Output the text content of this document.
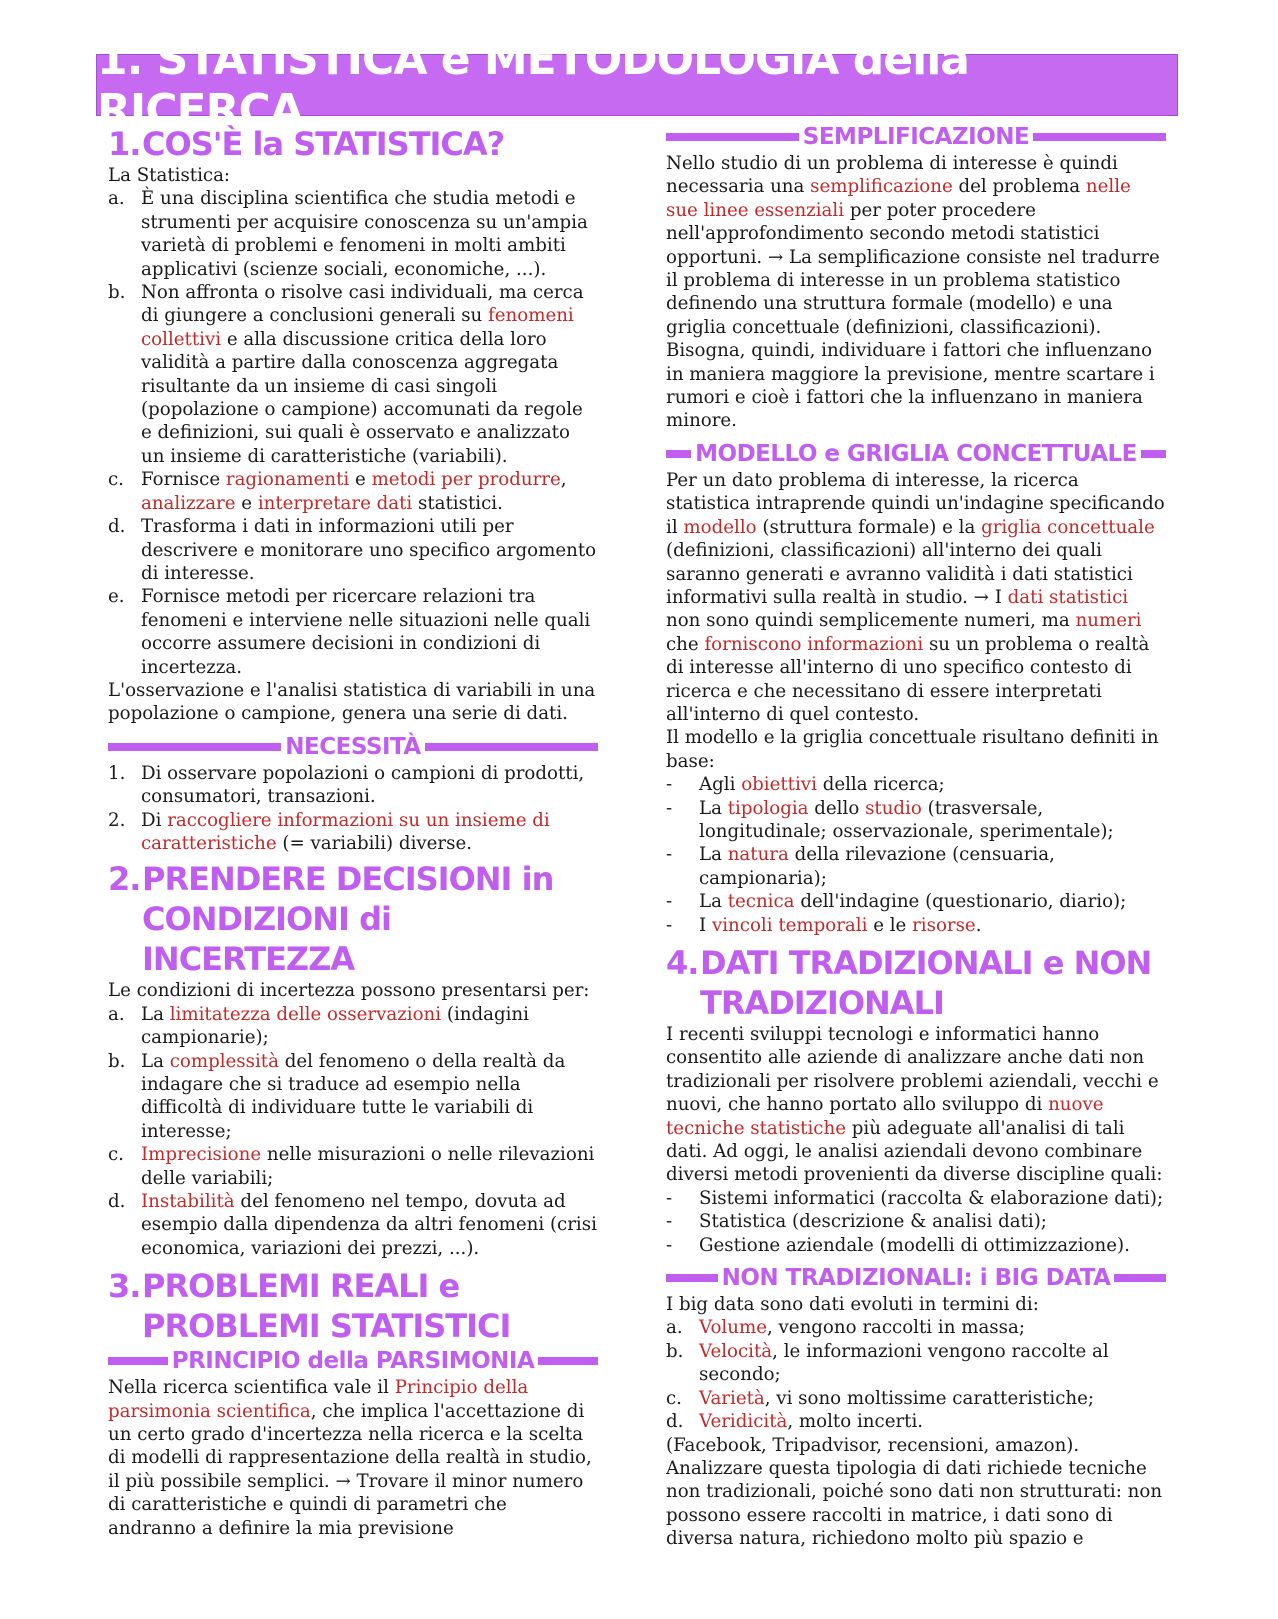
1. STATISTICA e METODOLOGIA della RICERCA
1. COS'È la STATISTICA?

La Statistica:

a. È una disciplina scientifica che studia metodi e strumenti per acquisire conoscenza su un'ampia varietà di problemi e fenomeni in molti ambiti applicativi (scienze sociali, economiche, ...).
b. Non affronta o risolve casi individuali, ma cerca di giungere a conclusioni generali su fenomeni collettivi e alla discussione critica della loro validità a partire dalla conoscenza aggregata risultante da un insieme di casi singoli (popolazione o campione) accomunati da regole e definizioni, sui quali è osservato e analizzato un insieme di caratteristiche (variabili).
c. Fornisce ragionamenti e metodi per produrre, analizzare e interpretare dati statistici.
d. Trasforma i dati in informazioni utili per descrivere e monitorare uno specifico argomento di interesse.
e. Fornisce metodi per ricercare relazioni tra fenomeni e interviene nelle situazioni nelle quali occorre assumere decisioni in condizioni di incertezza.

L'osservazione e l'analisi statistica di variabili in una popolazione o campione, genera una serie di dati.

NECESSITÀ
1. Di osservare popolazioni o campioni di prodotti, consumatori, transazioni.
2. Di raccogliere informazioni su un insieme di caratteristiche (= variabili) diverse.
2. PRENDERE DECISIONI in CONDIZIONI di INCERTEZZA

Le condizioni di incertezza possono presentarsi per:

a. La limitatezza delle osservazioni (indagini campionarie);
b. La complessità del fenomeno o della realtà da indagare che si traduce ad esempio nella difficoltà di individuare tutte le variabili di interesse;
c. Imprecisione nelle misurazioni o nelle rilevazioni delle variabili;
d. Instabilità del fenomeno nel tempo, dovuta ad esempio dalla dipendenza da altri fenomeni (crisi economica, variazioni dei prezzi, ...).
3. PROBLEMI REALI e PROBLEMI STATISTICI
PRINCIPIO della PARSIMONIA

Nella ricerca scientifica vale il Principio della parsimonia scientifica, che implica l'accettazione di un certo grado d'incertezza nella ricerca e la scelta di modelli di rappresentazione della realtà in studio, il più possibile semplici. → Trovare il minor numero di caratteristiche e quindi di parametri che andranno a definire la mia previsione

SEMPLIFICAZIONE

Nello studio di un problema di interesse è quindi necessaria una semplificazione del problema nelle sue linee essenziali per poter procedere nell'approfondimento secondo metodi statistici opportuni. → La semplificazione consiste nel tradurre il problema di interesse in un problema statistico definendo una struttura formale (modello) e una griglia concettuale (definizioni, classificazioni). Bisogna, quindi, individuare i fattori che influenzano in maniera maggiore la previsione, mentre scartare i rumori e cioè i fattori che la influenzano in maniera minore.

MODELLO e GRIGLIA CONCETTUALE

Per un dato problema di interesse, la ricerca statistica intraprende quindi un'indagine specificando il modello (struttura formale) e la griglia concettuale (definizioni, classificazioni) all'interno dei quali saranno generati e avranno validità i dati statistici informativi sulla realtà in studio. → I dati statistici non sono quindi semplicemente numeri, ma numeri che forniscono informazioni su un problema o realtà di interesse all'interno di uno specifico contesto di ricerca e che necessitano di essere interpretati all'interno di quel contesto.

Il modello e la griglia concettuale risultano definiti in base:

-	Agli obiettivi della ricerca;
-	La tipologia dello studio (trasversale, longitudinale; osservazionale, sperimentale);
-	La natura della rilevazione (censuaria, campionaria);
-	La tecnica dell'indagine (questionario, diario);
-	I vincoli temporali e le risorse.
4. DATI TRADIZIONALI e NON TRADIZIONALI

I recenti sviluppi tecnologi e informatici hanno consentito alle aziende di analizzare anche dati non tradizionali per risolvere problemi aziendali, vecchi e nuovi, che hanno portato allo sviluppo di nuove tecniche statistiche più adeguate all'analisi di tali dati. Ad oggi, le analisi aziendali devono combinare diversi metodi provenienti da diverse discipline quali:

-	Sistemi informatici (raccolta & elaborazione dati);
-	Statistica (descrizione & analisi dati);
-	Gestione aziendale (modelli di ottimizzazione).
NON TRADIZIONALI: i BIG DATA

I big data sono dati evoluti in termini di:

a. Volume, vengono raccolti in massa;
b. Velocità, le informazioni vengono raccolte al secondo;
c. Varietà, vi sono moltissime caratteristiche;
d. Veridicità, molto incerti.

(Facebook, Tripadvisor, recensioni, amazon). Analizzare questa tipologia di dati richiede tecniche non tradizionali, poiché sono dati non strutturati: non possono essere raccolti in matrice, i dati sono di diversa natura, richiedono molto più spazio e
